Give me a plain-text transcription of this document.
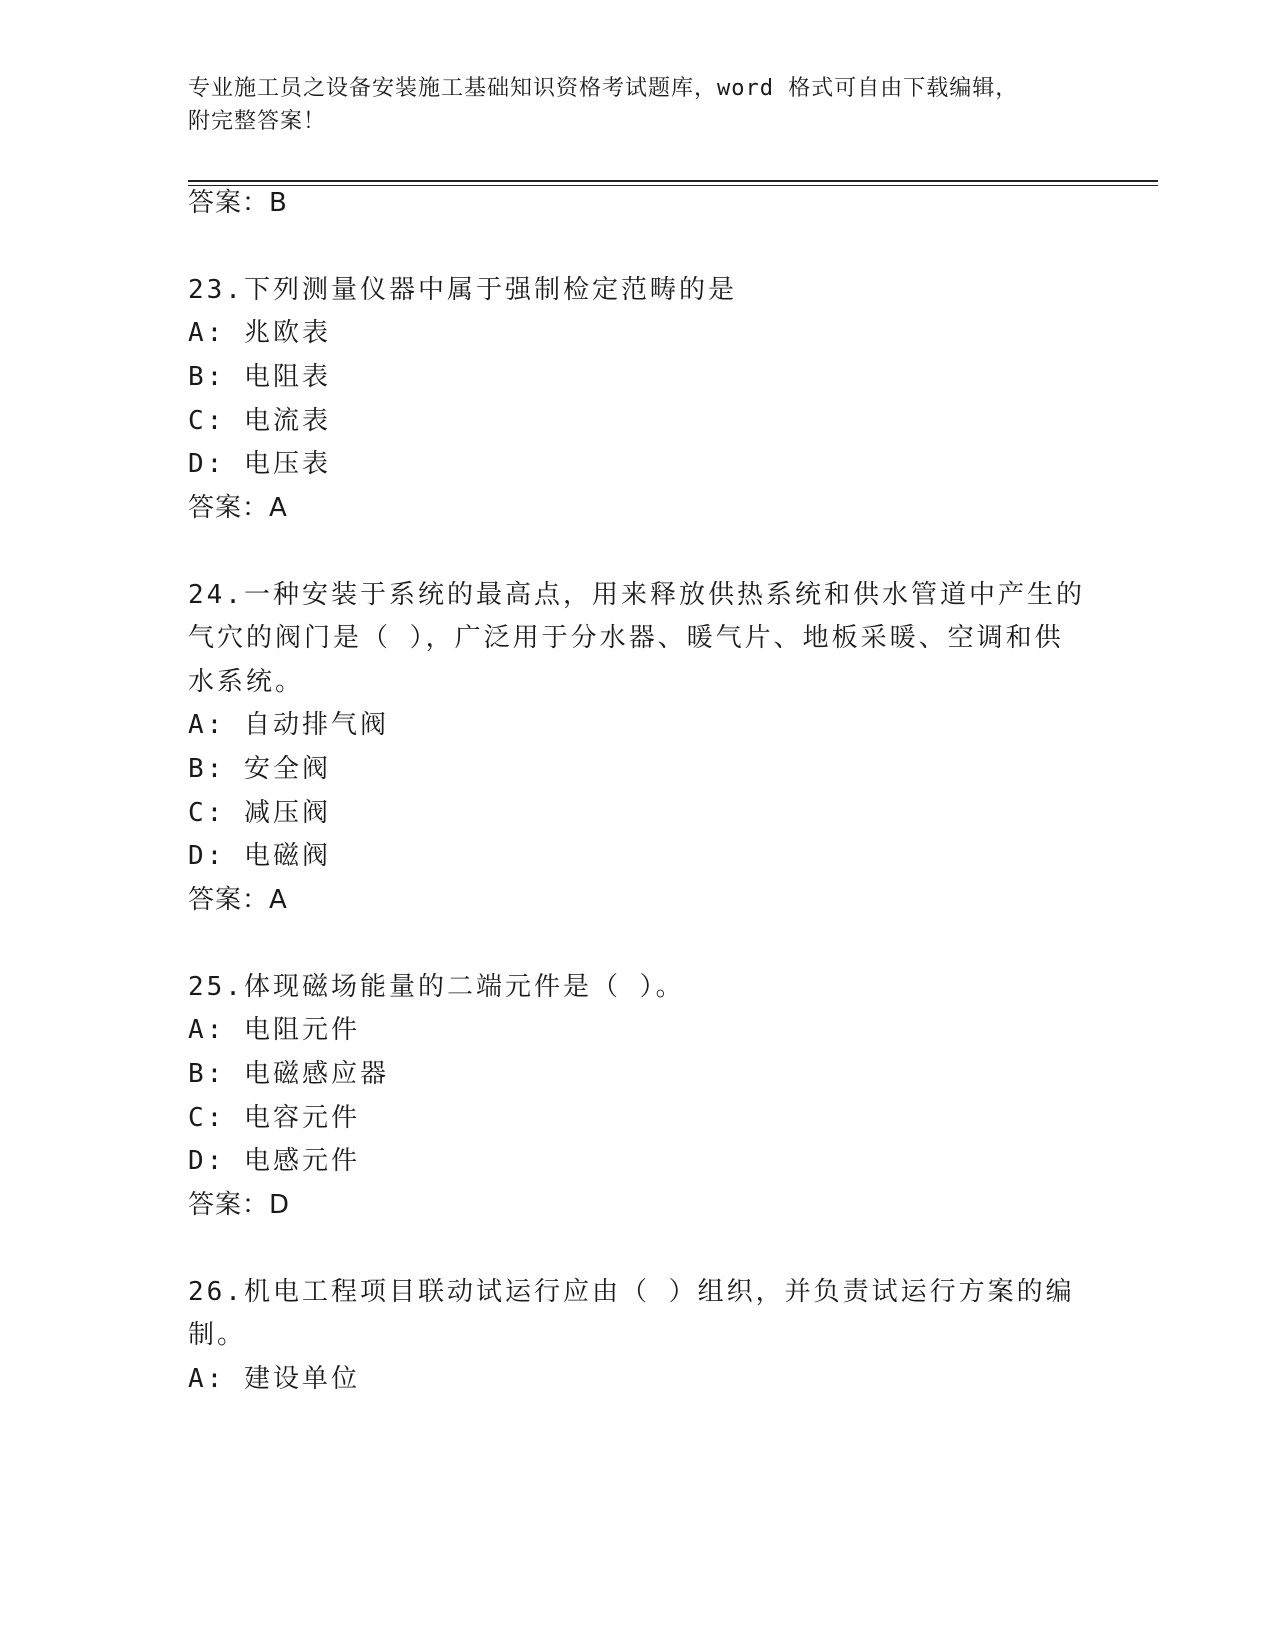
专业施工员之设备安装施工基础知识资格考试题库，word 格式可自由下载编辑，
附完整答案！
答案：B
23.下列测量仪器中属于强制检定范畴的是
A: 兆欧表
B: 电阻表
C: 电流表
D: 电压表
答案：A
24.一种安装于系统的最高点，用来释放供热系统和供水管道中产生的
气穴的阀门是（ ），广泛用于分水器、暖气片、地板采暖、空调和供
水系统。
A: 自动排气阀
B: 安全阀
C: 减压阀
D: 电磁阀
答案：A
25.体现磁场能量的二端元件是（ ）。
A: 电阻元件
B: 电磁感应器
C: 电容元件
D: 电感元件
答案：D
26.机电工程项目联动试运行应由（ ）组织，并负责试运行方案的编
制。
A: 建设单位
